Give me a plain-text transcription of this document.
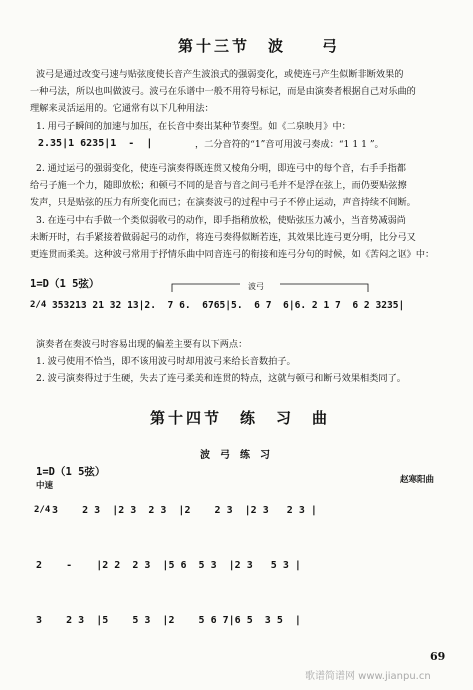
第十三节　波　　弓
波弓是通过改变弓速与贴弦度使长音产生波浪式的强弱变化，或使连弓产生似断非断效果的
一种弓法，所以也叫做波弓。波弓在乐谱中一般不用符号标记，而是由演奏者根据自己对乐曲的
理解来灵活运用的。它通常有以下几种用法：
1. 用弓子瞬间的加速与加压，在长音中奏出某种节奏型。如《二泉映月》中：
2.35|1 6235|1  -  |	，二分音符的“1”音可用波弓奏成：“1 1 1 ”。
2. 通过运弓的强弱变化，使连弓演奏得既连贯又棱角分明，即连弓中的每个音，右手手指都
给弓子施一个力，随即放松；和顿弓不同的是音与音之间弓毛并不是浮在弦上，而仍要贴弦擦
发声，只是贴弦的压力有所变化而已；在演奏波弓的过程中弓子不停止运动，声音持续不间断。
3. 在连弓中右手做一个类似弱收弓的动作，即手指稍放松，使贴弦压力减小，当音势减弱尚
未断开时，右手紧接着做弱起弓的动作，将连弓奏得似断若连，其效果比连弓更分明，比分弓又
更连贯而柔美。这种波弓常用于抒情乐曲中同音连弓的衔接和连弓分句的时候，如《苦闷之讴》中：
1=D（1 5弦）
2/4
波弓
353213 21 32 13|2.  7 6.  6765|5.  6 7  6|6. 2 1 7  6 2 3235|
演奏者在奏波弓时容易出现的偏差主要有以下两点：
1. 波弓使用不恰当，即不该用波弓时却用波弓来给长音数拍子。
2. 波弓演奏得过于生硬，失去了连弓柔美和连贯的特点，这就与顿弓和断弓效果相类同了。
第十四节　练　习　曲
波　弓　练　习
1=D（1 5弦）
赵寒阳曲
中速
2/4 3    2 3  |2 3  2 3  |2    2 3  |2 3   2 3 |
2    -    |2 2  2 3  |5 6  5 3  |2 3   5 3 |
3    2 3  |5    5 3  |2    5 6 7|6 5  3 5  |
69
歌谱简谱网 www.jianpu.cn
